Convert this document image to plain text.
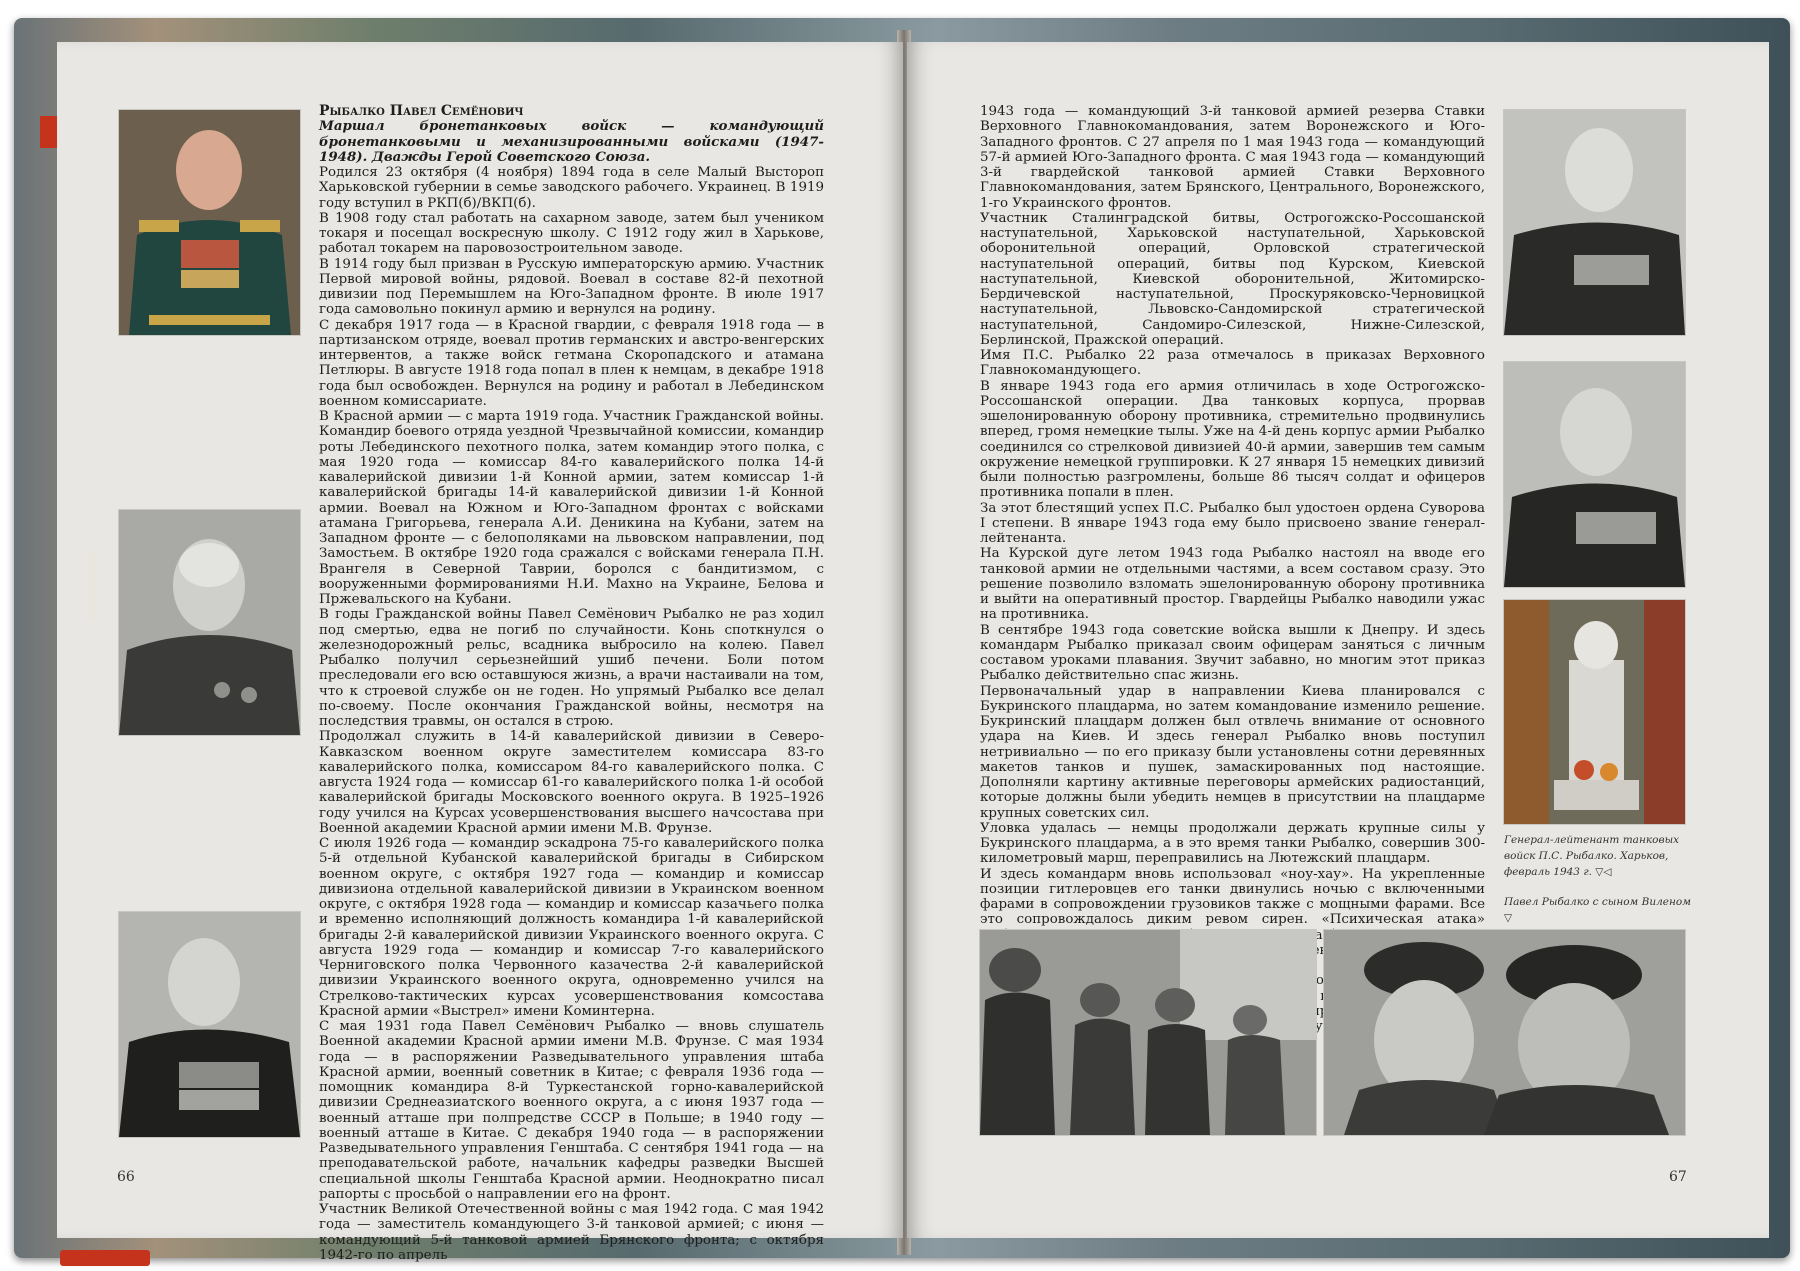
Рыбалко Павел Семёнович

Маршал бронетанковых войск — командующий бронетанковыми и механизированными войсками (1947-1948). Дважды Герой Советского Союза.

Родился 23 октября (4 ноября) 1894 года в селе Малый Выстороп Харьковской губернии в семье заводского рабочего. Украинец. В 1919 году вступил в РКП(б)/ВКП(б).

В 1908 году стал работать на сахарном заводе, затем был учеником токаря и посещал воскресную школу. С 1912 году жил в Харькове, работал токарем на паровозостроительном заводе.

В 1914 году был призван в Русскую императорскую армию. Участник Первой мировой войны, рядовой. Воевал в составе 82-й пехотной дивизии под Перемышлем на Юго-Западном фронте. В июле 1917 года самовольно покинул армию и вернулся на родину.

С декабря 1917 года — в Красной гвардии, с февраля 1918 года — в партизанском отряде, воевал против германских и австро-венгерских интервентов, а также войск гетмана Скоропадского и атамана Петлюры. В августе 1918 года попал в плен к немцам, в декабре 1918 года был освобожден. Вернулся на родину и работал в Лебединском военном комиссариате.

В Красной армии — с марта 1919 года. Участник Гражданской войны. Командир боевого отряда уездной Чрезвычайной комиссии, командир роты Лебединского пехотного полка, затем командир этого полка, с мая 1920 года — комиссар 84-го кавалерийского полка 14-й кавалерийской дивизии 1-й Конной армии, затем комиссар 1-й кавалерийской бригады 14-й кавалерийской дивизии 1-й Конной армии. Воевал на Южном и Юго-Западном фронтах с войсками атамана Григорьева, генерала А.И. Деникина на Кубани, затем на Западном фронте — с белополяками на львовском направлении, под Замостьем. В октябре 1920 года сражался с войсками генерала П.Н. Врангеля в Северной Таврии, боролся с бандитизмом, с вооруженными формированиями Н.И. Махно на Украине, Белова и Пржевальского на Кубани.

В годы Гражданской войны Павел Семёнович Рыбалко не раз ходил под смертью, едва не погиб по случайности. Конь споткнулся о железнодорожный рельс, всадника выбросило на колею. Павел Рыбалко получил серьезнейший ушиб печени. Боли потом преследовали его всю оставшуюся жизнь, а врачи настаивали на том, что к строевой службе он не годен. Но упрямый Рыбалко все делал по-своему. После окончания Гражданской войны, несмотря на последствия травмы, он остался в строю.

Продолжал служить в 14-й кавалерийской дивизии в Северо-Кавказском военном округе заместителем комиссара 83-го кавалерийского полка, комиссаром 84-го кавалерийского полка. С августа 1924 года — комиссар 61-го кавалерийского полка 1-й особой кавалерийской бригады Московского военного округа. В 1925–1926 году учился на Курсах усовершенствования высшего начсостава при Военной академии Красной армии имени М.В. Фрунзе.

С июля 1926 года — командир эскадрона 75-го кавалерийского полка 5-й отдельной Кубанской кавалерийской бригады в Сибирском военном округе, с октября 1927 года — командир и комиссар дивизиона отдельной кавалерийской дивизии в Украинском военном округе, с октября 1928 года — командир и комиссар казачьего полка и временно исполняющий должность командира 1-й кавалерийской бригады 2-й кавалерийской дивизии Украинского военного округа. С августа 1929 года — командир и комиссар 7-го кавалерийского Черниговского полка Червонного казачества 2-й кавалерийской дивизии Украинского военного округа, одновременно учился на Стрелково-тактических курсах усовершенствования комсостава Красной армии «Выстрел» имени Коминтерна.

С мая 1931 года Павел Семёнович Рыбалко — вновь слушатель Военной академии Красной армии имени М.В. Фрунзе. С мая 1934 года — в распоряжении Разведывательного управления штаба Красной армии, военный советник в Китае; с февраля 1936 года — помощник командира 8-й Туркестанской горно-кавалерийской дивизии Среднеазиатского военного округа, а с июня 1937 года — военный атташе при полпредстве СССР в Польше; в 1940 году — военный атташе в Китае. С декабря 1940 года — в распоряжении Разведывательного управления Генштаба. С сентября 1941 года — на преподавательской работе, начальник кафедры разведки Высшей специальной школы Генштаба Красной армии. Неоднократно писал рапорты с просьбой о направлении его на фронт.

Участник Великой Отечественной войны с мая 1942 года. С мая 1942 года — заместитель командующего 3-й танковой армией; с июня — командующий 5-й танковой армией Брянского фронта; с октября 1942-го по апрель

66

1943 года — командующий 3-й танковой армией резерва Ставки Верховного Главнокомандования, затем Воронежского и Юго-Западного фронтов. С 27 апреля по 1 мая 1943 года — командующий 57-й армией Юго-Западного фронта. С мая 1943 года — командующий 3-й гвардейской танковой армией Ставки Верховного Главнокомандования, затем Брянского, Центрального, Воронежского, 1-го Украинского фронтов.

Участник Сталинградской битвы, Острогожско-Россошанской наступательной, Харьковской наступательной, Харьковской оборонительной операций, Орловской стратегической наступательной операций, битвы под Курском, Киевской наступательной, Киевской оборонительной, Житомирско-Бердичевской наступательной, Проскуряковско-Черновицкой наступательной, Львовско-Сандомирской стратегической наступательной, Сандомиро-Силезской, Нижне-Силезской, Берлинской, Пражской операций.

Имя П.С. Рыбалко 22 раза отмечалось в приказах Верховного Главнокомандующего.

В январе 1943 года его армия отличилась в ходе Острогожско-Россошанской операции. Два танковых корпуса, прорвав эшелонированную оборону противника, стремительно продвинулись вперед, громя немецкие тылы. Уже на 4-й день корпус армии Рыбалко соединился со стрелковой дивизией 40-й армии, завершив тем самым окружение немецкой группировки. К 27 января 15 немецких дивизий были полностью разгромлены, больше 86 тысяч солдат и офицеров противника попали в плен.

За этот блестящий успех П.С. Рыбалко был удостоен ордена Суворова I степени. В январе 1943 года ему было присвоено звание генерал-лейтенанта.

На Курской дуге летом 1943 года Рыбалко настоял на вводе его танковой армии не отдельными частями, а всем составом сразу. Это решение позволило взломать эшелонированную оборону противника и выйти на оперативный простор. Гвардейцы Рыбалко наводили ужас на противника.

В сентябре 1943 года советские войска вышли к Днепру. И здесь командарм Рыбалко приказал своим офицерам заняться с личным составом уроками плавания. Звучит забавно, но многим этот приказ Рыбалко действительно спас жизнь.

Первоначальный удар в направлении Киева планировался с Букринского плацдарма, но затем командование изменило решение. Букринский плацдарм должен был отвлечь внимание от основного удара на Киев. И здесь генерал Рыбалко вновь поступил нетривиально — по его приказу были установлены сотни деревянных макетов танков и пушек, замаскированных под настоящие. Дополняли картину активные переговоры армейских радиостанций, которые должны были убедить немцев в присутствии на плацдарме крупных советских сил.

Уловка удалась — немцы продолжали держать крупные силы у Букринского плацдарма, а в это время танки Рыбалко, совершив 300-километровый марш, переправились на Лютежский плацдарм.

И здесь командарм вновь использовал «ноу-хау». На укрепленные позиции гитлеровцев его танки двинулись ночью с включенными фарами в сопровождении грузовиков также с мощными фарами. Все это сопровождалось диким ревом сирен. «Психическая атака»

от

Генерал-лейтенант танковых войск П.С. Рыбалко. Харьков, февраль 1943 г. ▽◁
Павел Рыбалко с сыном Виленом ▽
67
